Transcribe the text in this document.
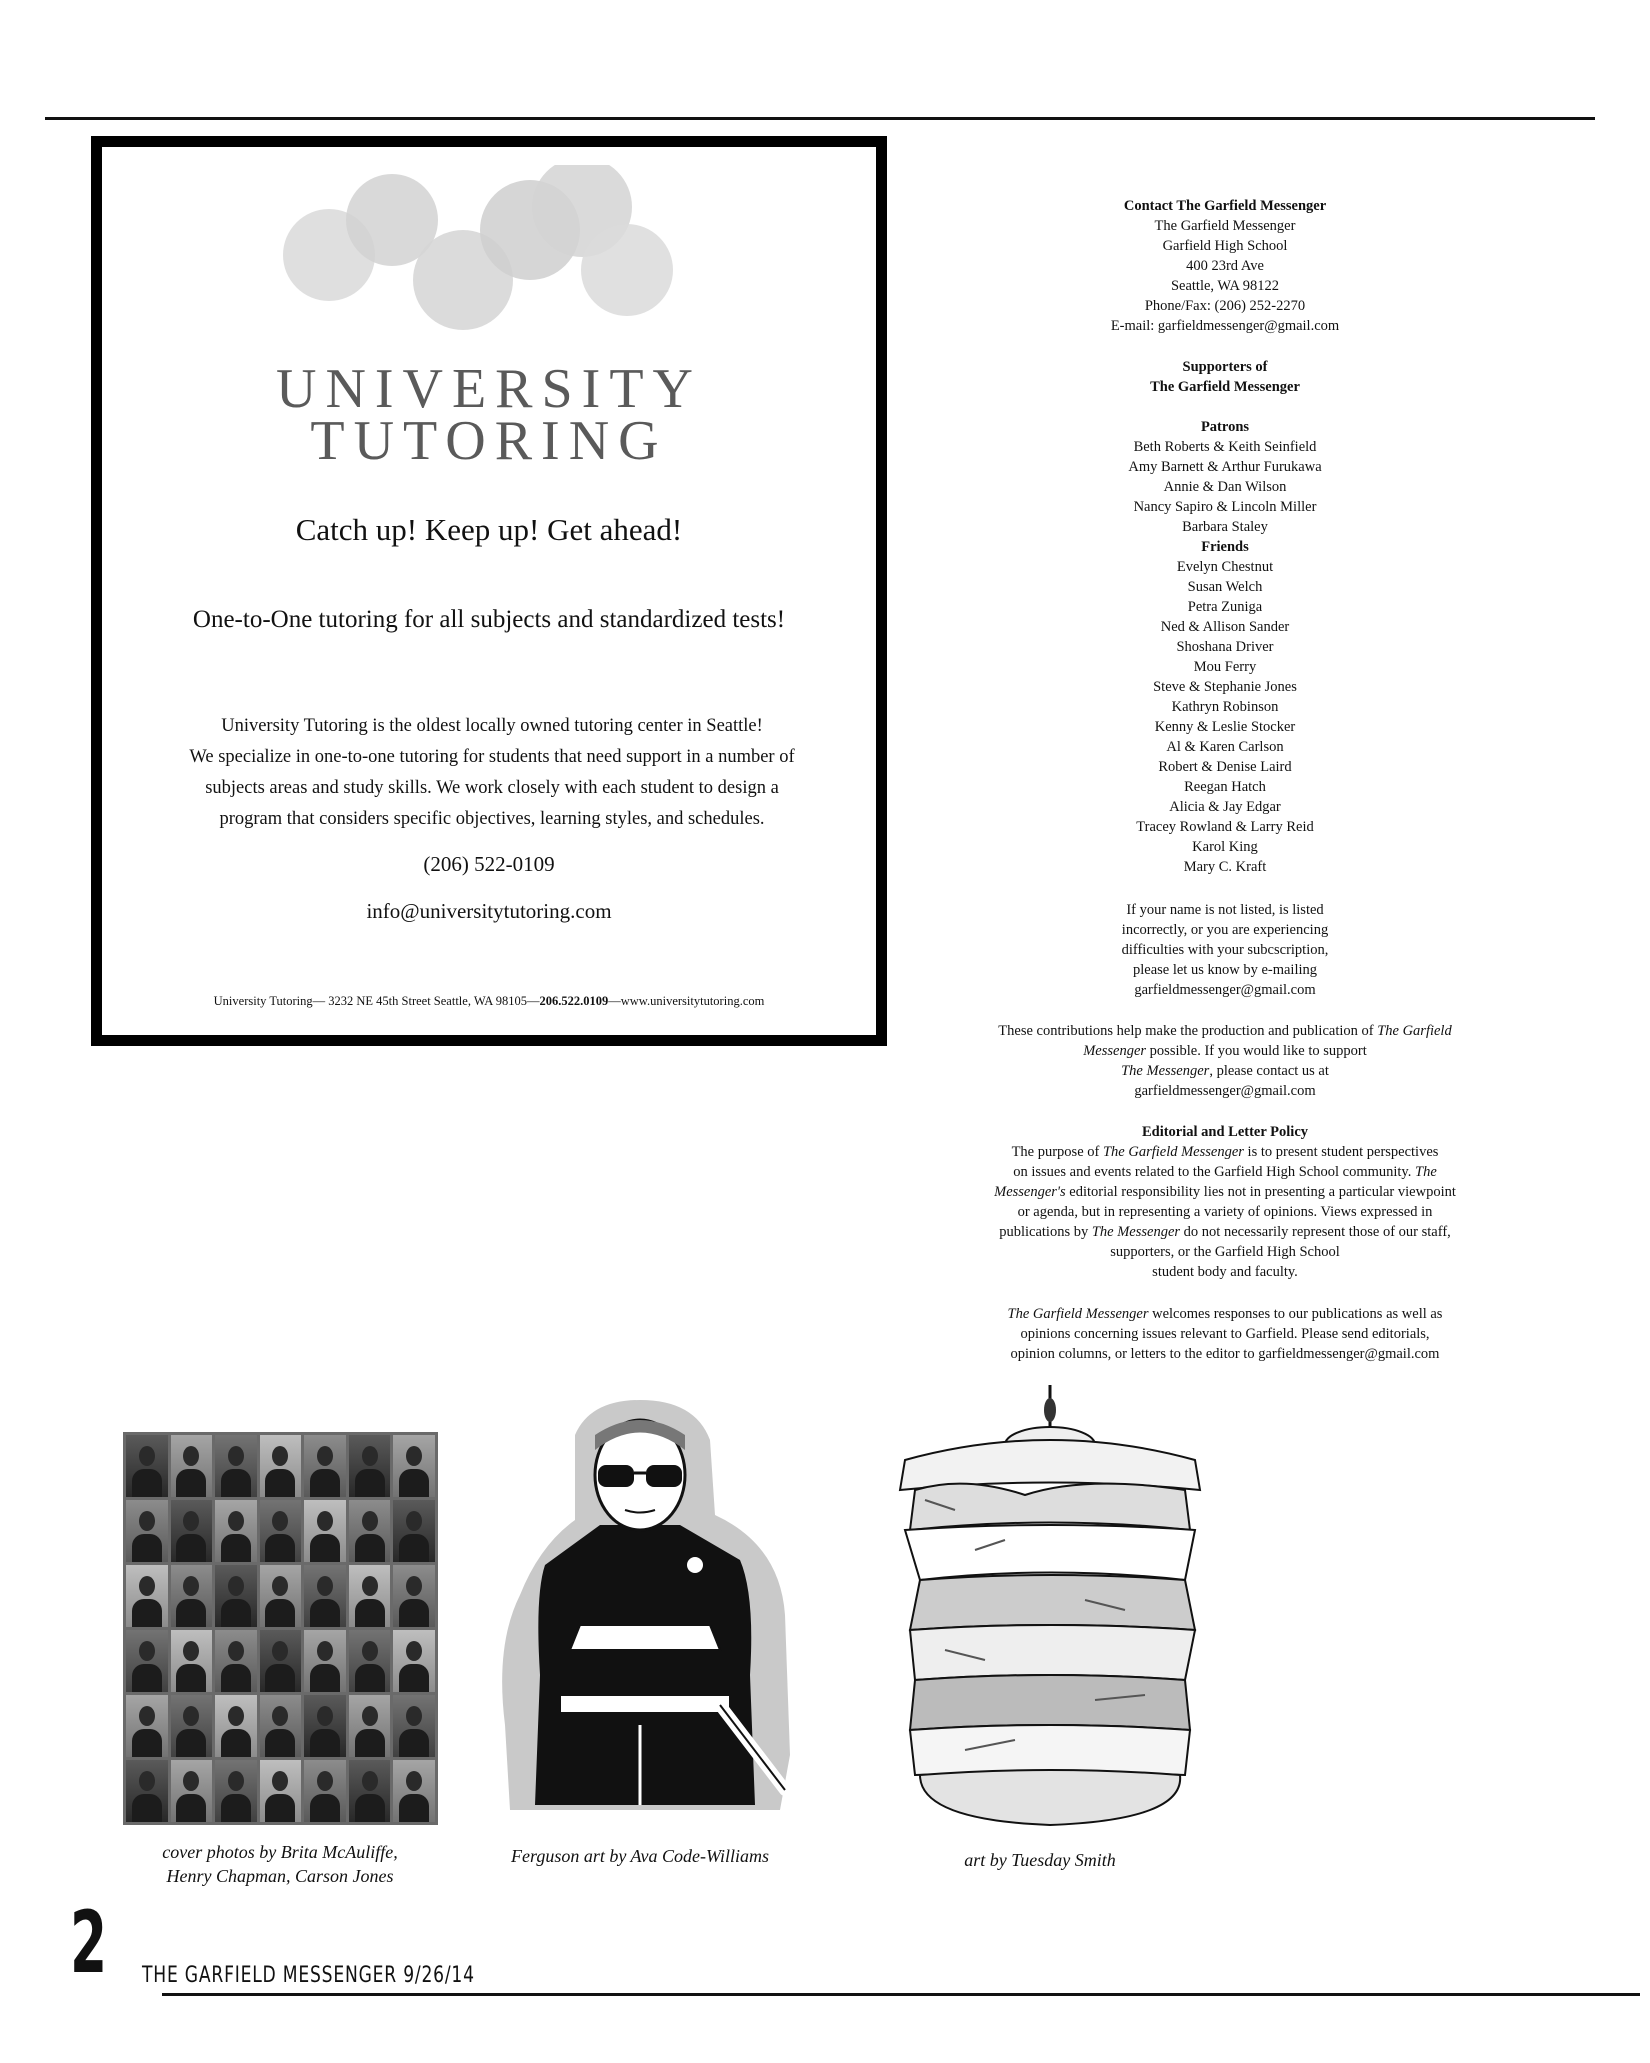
UNIVERSITY
TUTORING
Catch up! Keep up! Get ahead!
One-to-One tutoring for all subjects and standardized tests!
University Tutoring is the oldest locally owned tutoring center in Seattle!
We specialize in one-to-one tutoring for students that need support in a number of
subjects areas and study skills. We work closely with each student to design a
program that considers specific objectives, learning styles, and schedules.
(206) 522-0109
info@universitytutoring.com
University Tutoring— 3232 NE 45th Street Seattle, WA 98105—206.522.0109—www.universitytutoring.com

Contact The Garfield Messenger

The Garfield Messenger

Garfield High School

400 23rd Ave

Seattle, WA 98122

Phone/Fax: (206) 252-2270

E-mail: garfieldmessenger@gmail.com

Supporters of

The Garfield Messenger

Patrons

Beth Roberts & Keith Seinfield

Amy Barnett & Arthur Furukawa

Annie & Dan Wilson

Nancy Sapiro & Lincoln Miller

Barbara Staley

Friends

Evelyn Chestnut

Susan Welch

Petra Zuniga

Ned & Allison Sander

Shoshana Driver

Mou Ferry

Steve & Stephanie Jones

Kathryn Robinson

Kenny & Leslie Stocker

Al & Karen Carlson

Robert & Denise Laird

Reegan Hatch

Alicia & Jay Edgar

Tracey Rowland & Larry Reid

Karol King

Mary C. Kraft

If your name is not listed, is listed

incorrectly, or you are experiencing

difficulties with your subcscription,

please let us know by e-mailing

garfieldmessenger@gmail.com

These contributions help make the production and publication of The Garfield

Messenger possible. If you would like to support

The Messenger, please contact us at

garfieldmessenger@gmail.com

Editorial and Letter Policy

The purpose of The Garfield Messenger is to present student perspectives

on issues and events related to the Garfield High School community. The

Messenger's editorial responsibility lies not in presenting a particular viewpoint

or agenda, but in representing a variety of opinions. Views expressed in

publications by The Messenger do not necessarily represent those of our staff,

supporters, or the Garfield High School

student body and faculty.

The Garfield Messenger welcomes responses to our publications as well as

opinions concerning issues relevant to Garfield. Please send editorials,

opinion columns, or letters to the editor to garfieldmessenger@gmail.com

cover photos by Brita McAuliffe,
Henry Chapman, Carson Jones
Ferguson art by Ava Code-Williams	art by Tuesday Smith
2 THE GARFIELD MESSENGER 9/26/14
